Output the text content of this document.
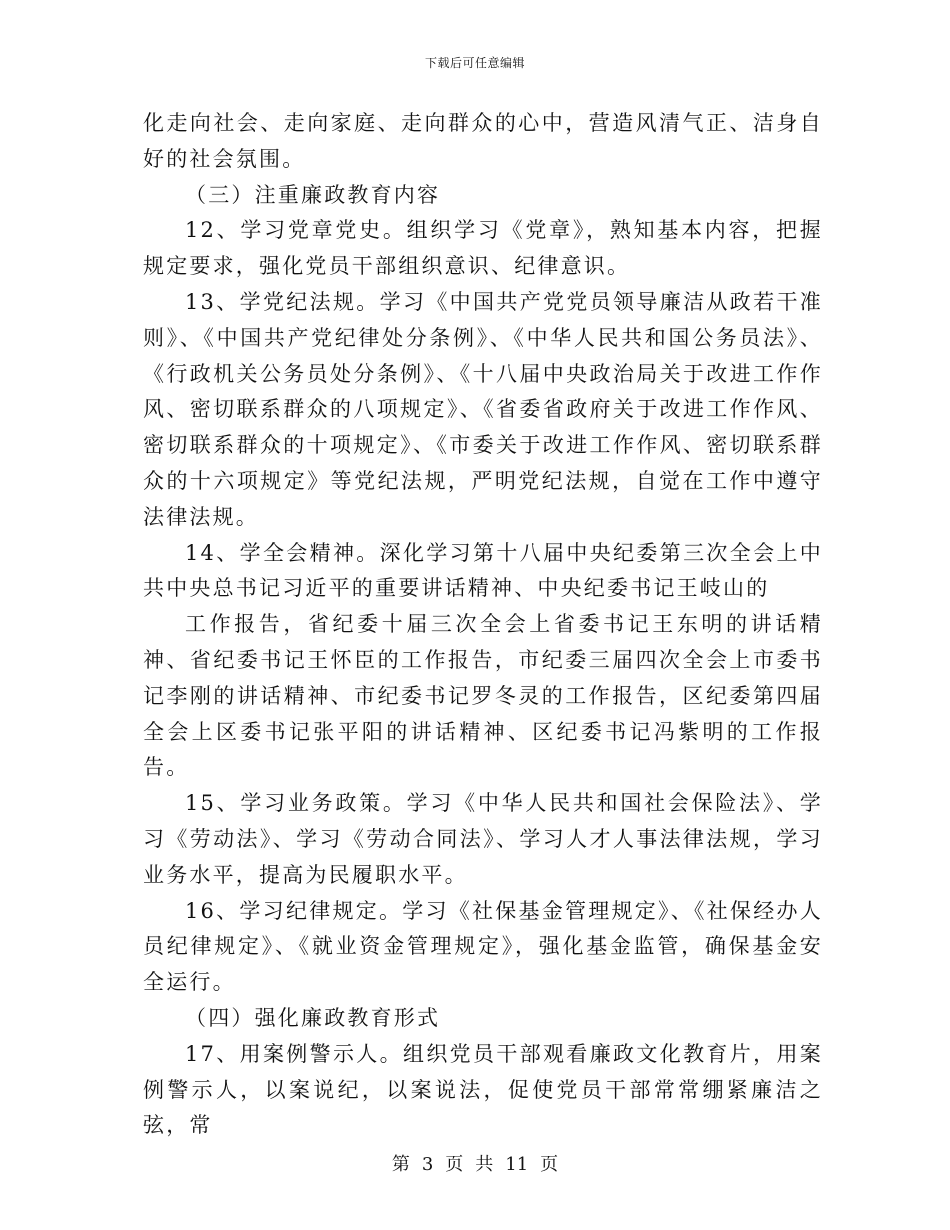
下载后可任意编辑

化走向社会、走向家庭、走向群众的心中，营造风清气正、洁身自好的社会氛围。

（三）注重廉政教育内容

12、学习党章党史。组织学习《党章》，熟知基本内容，把握规定要求，强化党员干部组织意识、纪律意识。

13、学党纪法规。学习《中国共产党党员领导廉洁从政若干准则》、《中国共产党纪律处分条例》、《中华人民共和国公务员法》、《行政机关公务员处分条例》、《十八届中央政治局关于改进工作作风、密切联系群众的八项规定》、《省委省政府关于改进工作作风、密切联系群众的十项规定》、《市委关于改进工作作风、密切联系群众的十六项规定》等党纪法规，严明党纪法规，自觉在工作中遵守法律法规。

14、学全会精神。深化学习第十八届中央纪委第三次全会上中共中央总书记习近平的重要讲话精神、中央纪委书记王岐山的

工作报告，省纪委十届三次全会上省委书记王东明的讲话精神、省纪委书记王怀臣的工作报告，市纪委三届四次全会上市委书记李刚的讲话精神、市纪委书记罗冬灵的工作报告，区纪委第四届全会上区委书记张平阳的讲话精神、区纪委书记冯紫明的工作报告。

15、学习业务政策。学习《中华人民共和国社会保险法》、学习《劳动法》、学习《劳动合同法》、学习人才人事法律法规，学习业务水平，提高为民履职水平。

16、学习纪律规定。学习《社保基金管理规定》、《社保经办人员纪律规定》、《就业资金管理规定》，强化基金监管，确保基金安全运行。

（四）强化廉政教育形式

17、用案例警示人。组织党员干部观看廉政文化教育片，用案例警示人，以案说纪，以案说法，促使党员干部常常绷紧廉洁之弦，常

第 3 页 共 11 页
